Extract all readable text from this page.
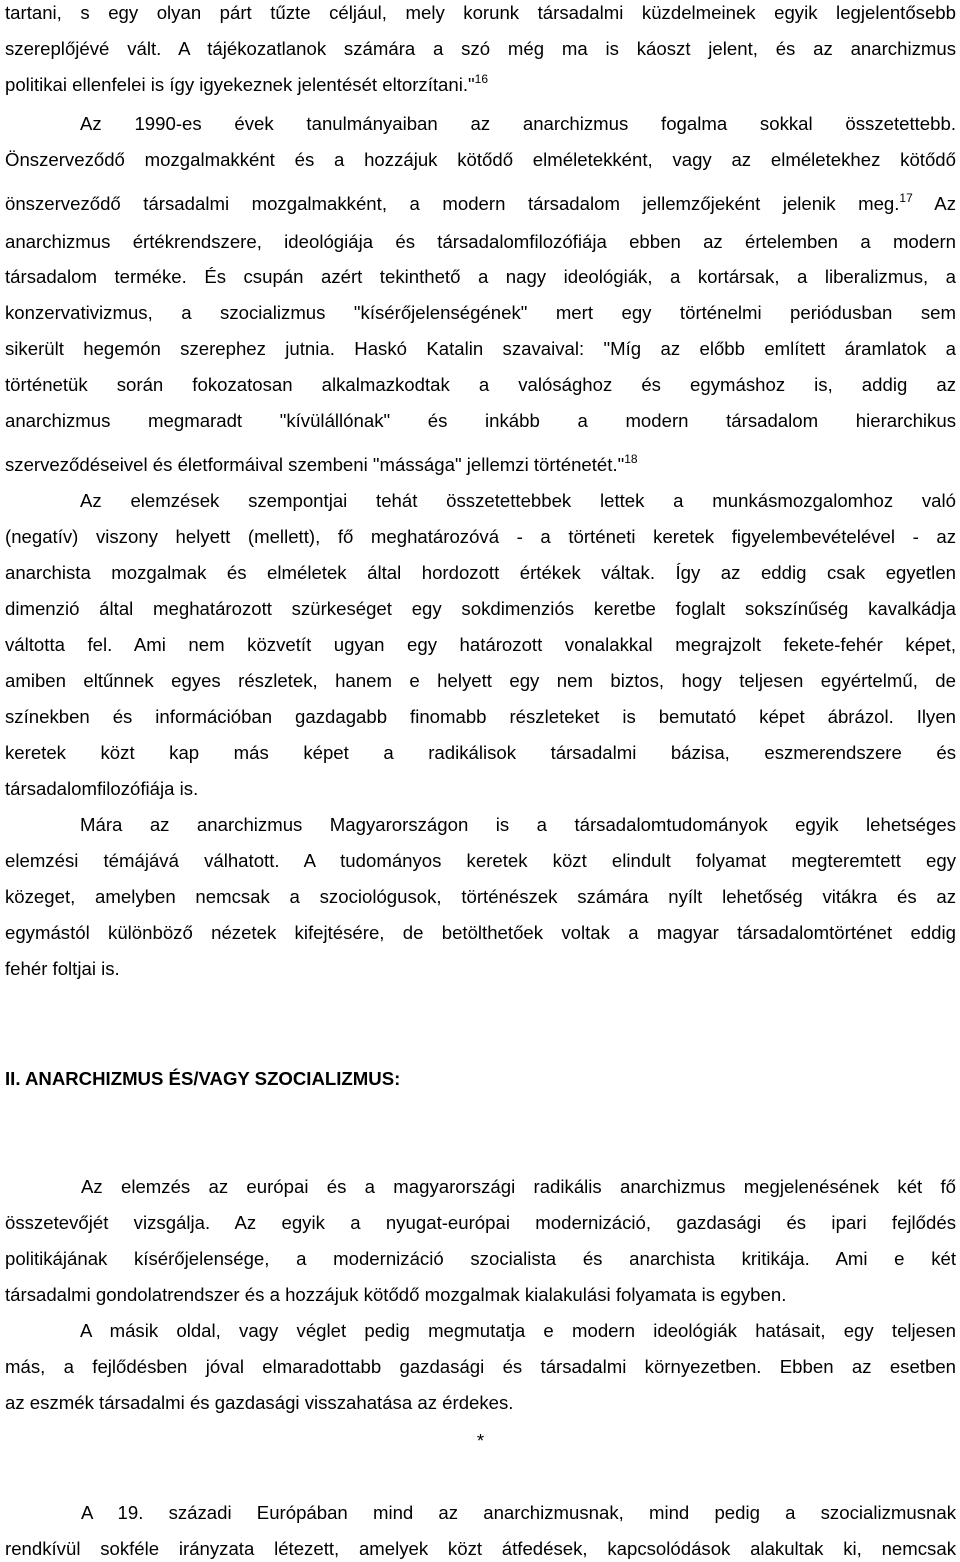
tartani, s egy olyan párt tűzte céljául, mely korunk társadalmi küzdelmeinek egyik legjelentősebb
szereplőjévé vált. A tájékozatlanok számára a szó még ma is káoszt jelent, és az anarchizmus
politikai ellenfelei is így igyekeznek jelentését eltorzítani."$^{16}$
Az 1990-es évek tanulmányaiban az anarchizmus fogalma sokkal összetettebb.
Önszerveződő mozgalmakként és a hozzájuk kötődő elméletekként, vagy az elméletekhez kötődő
önszerveződő társadalmi mozgalmakként, a modern társadalom jellemzőjeként jelenik meg.$^{17}$ Az
anarchizmus értékrendszere, ideológiája és társadalomfilozófiája ebben az értelemben a modern
társadalom terméke. És csupán azért tekinthető a nagy ideológiák, a kortársak, a liberalizmus, a
konzervativizmus, a szocializmus "kísérőjelenségének" mert egy történelmi periódusban sem
sikerült hegemón szerephez jutnia. Haskó Katalin szavaival: "Míg az előbb említett áramlatok a
történetük során fokozatosan alkalmazkodtak a valósághoz és egymáshoz is, addig az
anarchizmus megmaradt "kívülállónak" és inkább a modern társadalom hierarchikus
szerveződéseivel és életformáival szembeni "mássága" jellemzi történetét."$^{18}$
Az elemzések szempontjai tehát összetettebbek lettek a munkásmozgalomhoz való
(negatív) viszony helyett (mellett), fő meghatározóvá - a történeti keretek figyelembevételével - az
anarchista mozgalmak és elméletek által hordozott értékek váltak. Így az eddig csak egyetlen
dimenzió által meghatározott szürkeséget egy sokdimenziós keretbe foglalt sokszínűség kavalkádja
váltotta fel. Ami nem közvetít ugyan egy határozott vonalakkal megrajzolt fekete-fehér képet,
amiben eltűnnek egyes részletek, hanem e helyett egy nem biztos, hogy teljesen egyértelmű, de
színekben és információban gazdagabb finomabb részleteket is bemutató képet ábrázol. Ilyen
keretek közt kap más képet a radikálisok társadalmi bázisa, eszmerendszere és
társadalomfilozófiája is.
Mára az anarchizmus Magyarországon is a társadalomtudományok egyik lehetséges
elemzési témájává válhatott. A tudományos keretek közt elindult folyamat megteremtett egy
közeget, amelyben nemcsak a szociológusok, történészek számára nyílt lehetőség vitákra és az
egymástól különböző nézetek kifejtésére, de betölthetőek voltak a magyar társadalomtörténet eddig
fehér foltjai is.
II. ANARCHIZMUS ÉS/VAGY SZOCIALIZMUS:
Az elemzés az európai és a magyarországi radikális anarchizmus megjelenésének két fő
összetevőjét vizsgálja. Az egyik a nyugat-európai modernizáció, gazdasági és ipari fejlődés
politikájának kísérőjelensége, a modernizáció szocialista és anarchista kritikája. Ami e két
társadalmi gondolatrendszer és a hozzájuk kötődő mozgalmak kialakulási folyamata is egyben.
A másik oldal, vagy véglet pedig megmutatja e modern ideológiák hatásait, egy teljesen
más, a fejlődésben jóval elmaradottabb gazdasági és társadalmi környezetben. Ebben az esetben
az eszmék társadalmi és gazdasági visszahatása az érdekes.
*
A 19. századi Európában mind az anarchizmusnak, mind pedig a szocializmusnak
rendkívül sokféle irányzata létezett, amelyek közt átfedések, kapcsolódások alakultak ki, nemcsak
